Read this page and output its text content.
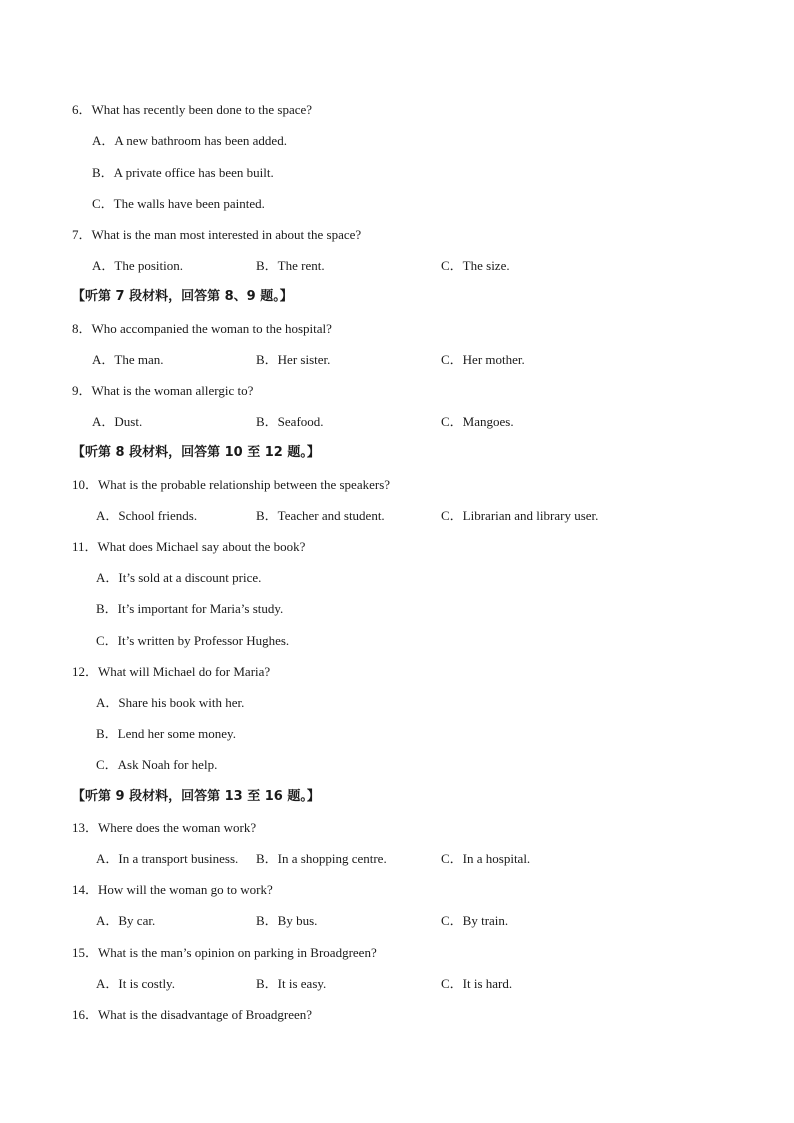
6．What has recently been done to the space?
A．A new bathroom has been added.
B．A private office has been built.
C．The walls have been painted.
7．What is the man most interested in about the space?
A．The position.	B．The rent.	C．The size.
【听第 7 段材料，回答第 8、9 题。】
8．Who accompanied the woman to the hospital?
A．The man.	B．Her sister.	C．Her mother.
9．What is the woman allergic to?
A．Dust.	B．Seafood.	C．Mangoes.
【听第 8 段材料，回答第 10 至 12 题。】
10．What is the probable relationship between the speakers?
A．School friends.	B．Teacher and student.	C．Librarian and library user.
11．What does Michael say about the book?
A．It’s sold at a discount price.
B．It’s important for Maria’s study.
C．It’s written by Professor Hughes.
12．What will Michael do for Maria?
A．Share his book with her.
B．Lend her some money.
C．Ask Noah for help.
【听第 9 段材料，回答第 13 至 16 题。】
13．Where does the woman work?
A．In a transport business. B．In a shopping centre.	C．In a hospital.
14．How will the woman go to work?
A．By car.	B．By bus.	C．By train.
15．What is the man’s opinion on parking in Broadgreen?
A．It is costly.	B．It is easy.	C．It is hard.
16．What is the disadvantage of Broadgreen?
